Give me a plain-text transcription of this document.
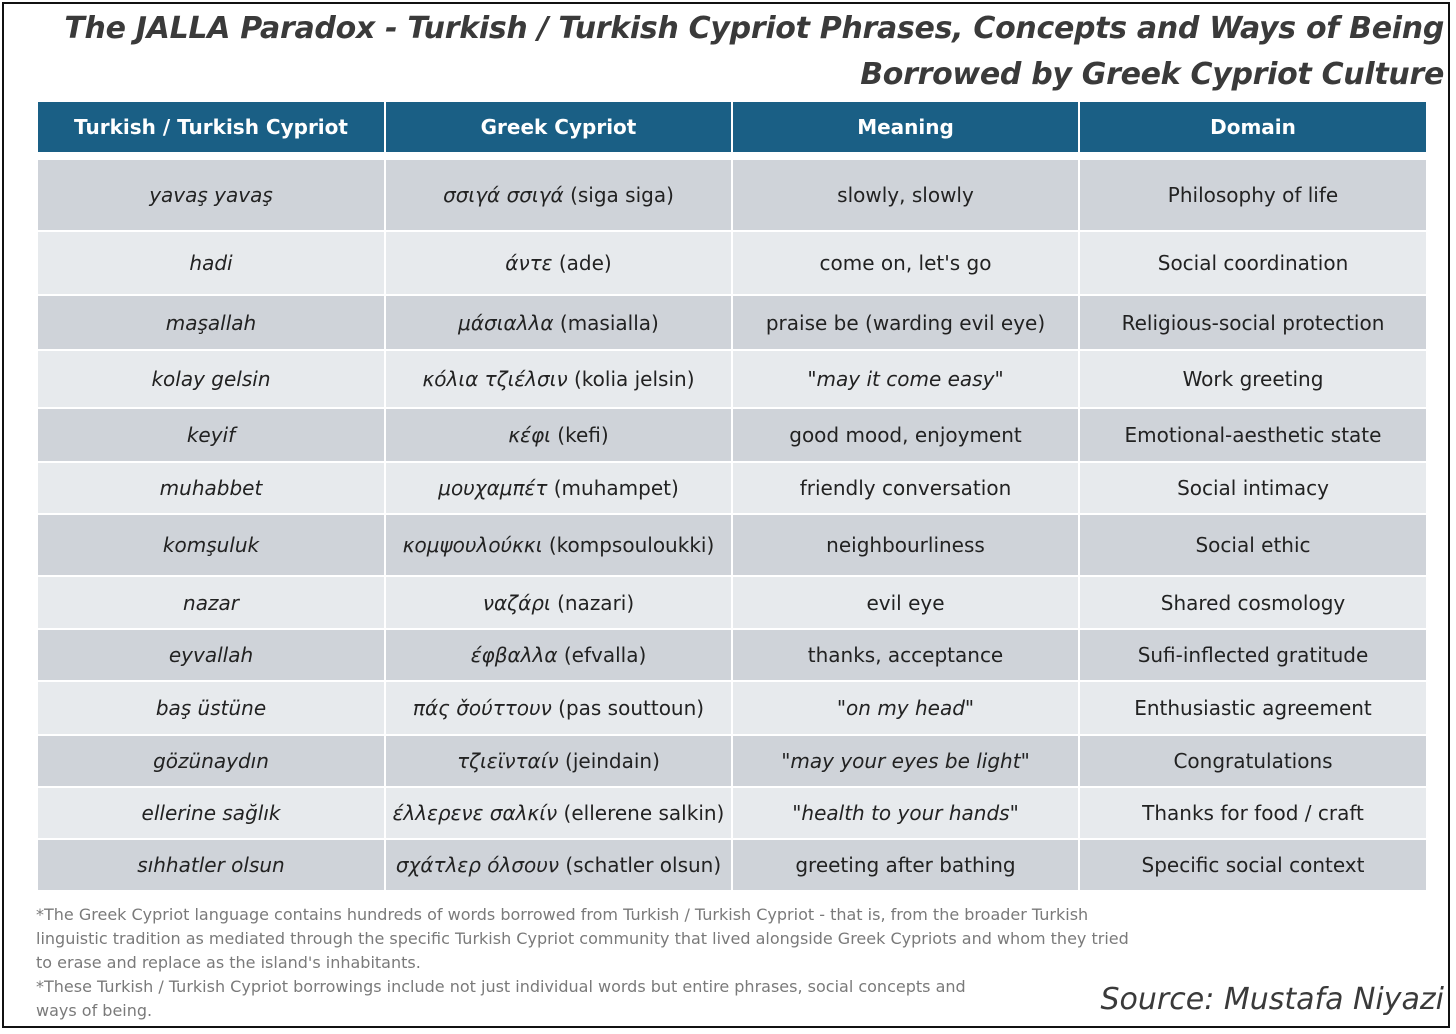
The JALLA Paradox - Turkish / Turkish Cypriot Phrases, Concepts and Ways of Being
Borrowed by Greek Cypriot Culture
Turkish / Turkish Cypriot	Greek Cypriot	Meaning	Domain

yavaş yavaş	σσιγά σσιγά (siga siga)	slowly, slowly	Philosophy of life
hadi	άντε (ade)	come on, let's go	Social coordination
maşallah	μάσιαλλα (masialla)	praise be (warding evil eye)	Religious-social protection
kolay gelsin	κόλια τζιέλσιν (kolia jelsin)	"may it come easy"	Work greeting
keyif	κέφι (kefi)	good mood, enjoyment	Emotional-aesthetic state
muhabbet	μουχαμπέτ (muhampet)	friendly conversation	Social intimacy
komşuluk	κομψουλούκκι (kompsouloukki)	neighbourliness	Social ethic
nazar	ναζάρι (nazari)	evil eye	Shared cosmology
eyvallah	έφβαλλα (efvalla)	thanks, acceptance	Sufi-inflected gratitude
baş üstüne	πάς σ̌ούττουν (pas souttoun)	"on my head"	Enthusiastic agreement
gözünaydın	τζιεϊνταίν (jeindain)	"may your eyes be light"	Congratulations
ellerine sağlık	έλλερενε σαλκίν (ellerene salkin)	"health to your hands"	Thanks for food / craft
sıhhatler olsun	σχάτλερ όλσουν (schatler olsun)	greeting after bathing	Specific social context

*The Greek Cypriot language contains hundreds of words borrowed from Turkish / Turkish Cypriot - that is, from the broader Turkish linguistic tradition as mediated through the specific Turkish Cypriot community that lived alongside Greek Cypriots and whom they tried to erase and replace as the island's inhabitants.

*These Turkish / Turkish Cypriot borrowings include not just individual words but entire phrases, social concepts and ways of being.	Source: Mustafa Niyazi
